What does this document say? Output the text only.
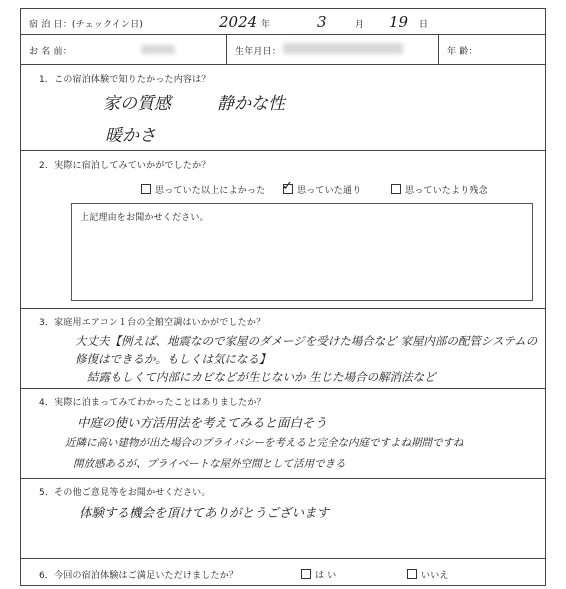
宿 泊 日：(チェックイン日)	2024 年	3	月 19 日
お 名 前：	生年月日：	年 齢：
1．この宿泊体験で知りたかった内容は？
家の質感	静かな性
暖かさ
2．実際に宿泊してみていかがでしたか？
思っていた以上によかった ✓ 思っていた通り	思っていたより残念
上記理由をお聞かせください。
3．家庭用エアコン１台の全館空調はいかがでしたか？
大丈夫【例えば、地震なので家屋のダメージを受けた場合など 家屋内部の配管システムの
修復はできるか。もしくは気になる】
結露もしくて内部にカビなどが生じないか 生じた場合の解消法など
4．実際に泊まってみてわかったことはありましたか？
中庭の使い方活用法を考えてみると面白そう
近隣に高い建物が出た場合のプライバシーを考えると完全な内庭ですよね期間ですね
開放感あるが、プライベートな屋外空間として活用できる
5．その他ご意見等をお聞かせください。
体験する機会を頂けてありがとうございます
6．今回の宿泊体験はご満足いただけましたか？	は い	いいえ
